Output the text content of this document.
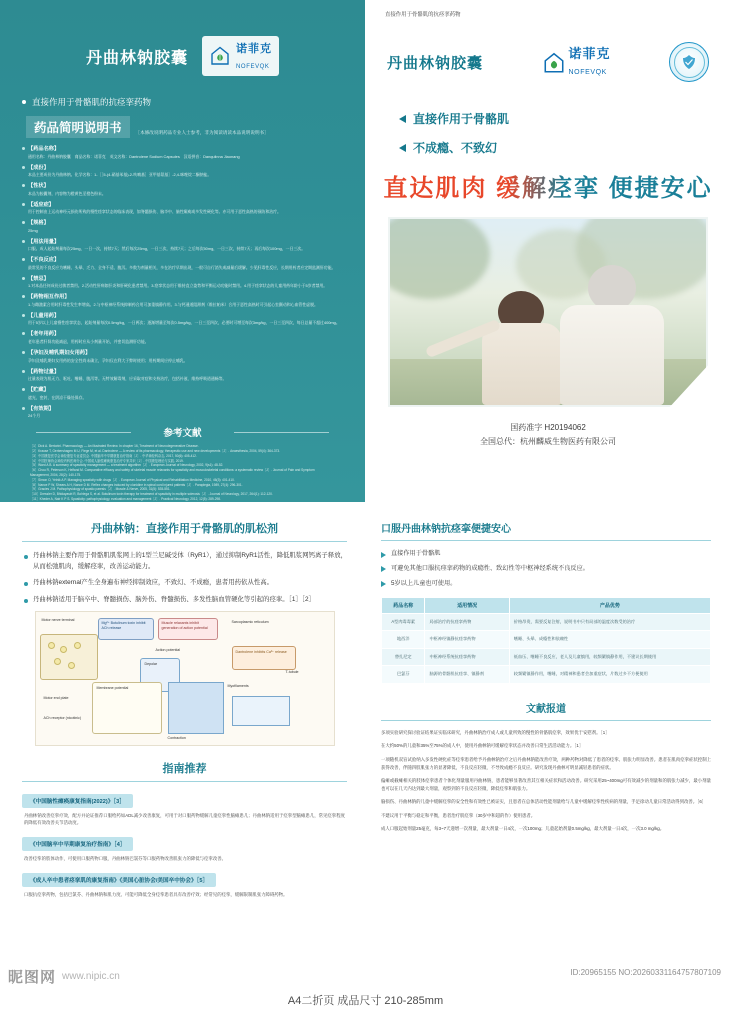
丹曲林钠胶囊
诺菲克
NOFEVQK
直接作用于骨骼肌的抗痉挛药物
药品简明说明书	［本修改说明药品专业人士参考，非为阅读请读本品说明说明书］
【药品名称】
通用名称：丹曲林钠胶囊　商品名称：诺菲克　英文名称：Dantrolene Sodium Capsules　汉语拼音：Danqulinna Jiaonang
【成份】
本品主要成份为丹曲林钠。化学名称：1-［［5-(4-硝基苯基)-2-呋喃基］亚甲基氨基］-2,4-咪唑烷二酮钠盐。
【性状】
本品为胶囊剂，内容物为橙黄色至橙色粉末。
【适应症】
用于控制由上运动神经元损伤所致的慢性痉挛状态的临床表现，如脊髓损伤、脑卒中、脑性瘫痪或多发性硬化等。亦可用于恶性高热的预防和治疗。
【规格】
25mg
【用法用量】
口服。成人起始剂量每次25mg，一日一次，持续7天；然后每次25mg，一日三次，持续7天；之后每次50mg，一日三次，持续7天；再后每次100mg，一日三次。
【不良反应】
最常见的不良反应为嗜睡、头晕、乏力、全身不适、腹泻。多数为剂量相关，多在治疗早期出现，一般可自行消失或减量后缓解。少见肝毒性反应，长期用药者应定期监测肝功能。
【禁忌】
1.对本品任何成份过敏者禁用。2.活动性肝病如肝炎和肝硬化患者禁用。3.痉挛状态用于维持直立姿势和平衡运动功能时禁用。4.用于痉挛状态的儿童用药年龄小于5岁者禁用。
【药物相互作用】
1.与雌激素合用时肝毒性发生率增高。2.与中枢神经系统抑制药合用可加重镇静作用。3.与钙通道阻滞剂（维拉帕米）合用于恶性高热时可引起心室颤动和心血管性虚脱。
【儿童用药】
用于5岁以上儿童慢性痉挛状态，起始剂量每次0.5mg/kg，一日两次；逐渐增量至每次0.5mg/kg，一日三至四次，必要时可增至每次3mg/kg，一日三至四次，每日总量不超过400mg。
【老年用药】
老年患者肝肾功能减退，用药时应从小剂量开始，并密切监测肝功能。
【孕妇及哺乳期妇女用药】
孕妇及哺乳期妇女用药的安全性尚未确立，孕妇仅在利大于弊时使用；用药期间应停止哺乳。
【药物过量】
过量表现为肌无力、呕吐、嗜睡、腹泻等。无特效解毒剂，应采取对症和支持治疗，包括补液、维持呼吸道通畅等。
【贮藏】
遮光，密封，在阴凉干燥处保存。
【有效期】
24个月
参考文献
［1］Dick A. Bertorini. Pharmacology — An illustrated Review. In chapter 16, Treatment of Neurodegenerative Disease.
［2］Krause T, Gerbershagen M U, Fiege M, et al. Dantrolene — A review of its pharmacology, therapeutic use and new developments［J］. Anaesthesia, 2004, 59(4): 364-373.
［3］中国康复医学会神经康复专业委员会. 中国脑卒中早期康复治疗指南［J］. 中华神经科杂志, 2017, 50(6): 405-412.
［4］中国医师协会神经内科医师分会. 中国成人脑性瘫痪康复治疗专家共识［J］. 中国康复理论与实践, 2019.
［5］Ward A B. A summary of spasticity management — a treatment algorithm［J］. European Journal of Neurology, 2002, 9(s1): 48-52.
［6］Chou R, Peterson K, Helfand M. Comparative efficacy and safety of skeletal muscle relaxants for spasticity and musculoskeletal conditions: a systematic review［J］. Journal of Pain and Symptom Management, 2004, 28(2): 140-175.
［7］Simon O, Yelnik A P. Managing spasticity with drugs［J］. European Journal of Physical and Rehabilitation Medicine, 2010, 46(3): 401-410.
［8］Nance P W, Shears A H, Nance D M. Reflex changes induced by clonidine in spinal cord injured patients［J］. Paraplegia, 1989, 27(4): 296-301.
［9］Gracies J M. Pathophysiology of spastic paresis［J］. Muscle & Nerve, 2005, 31(5): 535-551.
［10］Dressler D, Bhidayasiri R, Bohlega S, et al. Botulinum toxin therapy for treatment of spasticity in multiple sclerosis［J］. Journal of Neurology, 2017, 264(1): 112-120.
［11］Kheder A, Nair K P S. Spasticity: pathophysiology, evaluation and management［J］. Practical Neurology, 2012, 12(5): 289-298.
直接作用于骨骼肌的抗痉挛药物
丹曲林钠胶囊
诺菲克
NOFEVQK
直接作用于骨骼肌
不成瘾、不致幻
直达肌肉 缓解痉挛 便捷安心
国药准字 H20194062
全国总代：杭州麟威生物医药有限公司
丹曲林钠：直接作用于骨骼肌的肌松剂
丹曲林钠主要作用于骨骼肌肌浆网上的1型兰尼碱受体（RyR1），通过抑制RyR1活性，降低肌浆网钙离子释放，从而松弛肌肉，缓解痉挛，改善运动能力。
丹曲林钠external产生全身遍布神经抑制效应，不致幻、不成瘾，患者用药依从性高。
丹曲林钠适用于脑卒中、脊髓损伤、脑外伤、脊髓损伤、多发性脑血管硬化等引起的痉挛。［1］［2］
Motor nerve terminal
Mg²⁺ Botulinum toxin inhibit ACh release
Muscle relaxants inhibit generation of action potential
Sarcoplasmic reticulum
Action potential
Depolar
Dantrolene inhibits Ca²⁺ release
Motor end plate
Membrane potential	Myofilaments
ACh receptor (nicotinic)
Contraction
T-tubule
指南推荐
《中国脑性瘫痪康复指南(2022)》［3］
丹曲林钠改善痉挛疗效，配方并论证推荐口服给药如ADL减少改善康复，可用于对口服药物缓解儿童痉挛性脑瘫患儿；丹曲林钠适用于痉挛型脑瘫患儿，常见痉挛程度的降低有效改善关节活动度。
《中国脑卒中早期康复治疗指南》［4］
改善痉挛的肢体动作，可使用口服药物口服，丹曲林钠巴氯芬等口服药物改善肌张力的降低与痉挛改善。
《成人卒中患者痉挛肌的康复指南》《美国心脏协会/美国卒中协会》［5］
口服抗痉挛药物，包括巴氯芬、丹曲林钠和肌力度、可能可降低全身痉挛患者具有改善疗效；经常见的痉挛，缓解限制肌张力障碍药物。
口服丹曲林钠抗痉挛便捷安心
直接作用于骨骼肌
可避免其他口服抗痉挛药物的成瘾性、致幻性等中枢神经系统不良反应。
5岁以上儿童也可使用。
药品名称	适用情况	产品优势
A型肉毒毒素	局部治疗的抗痉挛药物	价格昂贵，需要反复注射，说明书中只有局部的温度次数受的治疗
地西泮	中枢神经镇静抗痉挛药物	嗜睡、头晕、成瘾性和依赖性
替扎尼定	中枢神经系统抗痉挛药物	低血压、嗜睡不良反应，老人及儿童慎用，较频繁镇静作用，不建议长期使用
巴氯芬	脑源的骨骼肌抗痉挛、镇静剂	较频繁镇静作用，嗜睡，对精神和患者会加重症状，片数过多不方便使用
文献报道
多项实验研究探讨验证结果证实临床研究，丹曲林钠治疗成人或儿童所致的慢性的骨骼肌痉挛，效果优于安慰剂。［1］
在大约50%的儿童和35%至75%的成人中，使用丹曲林钠可缓解痉挛状态并改善日常生活活动能力。［1］
一项随机双盲试验纳入多发性硬化症等痉挛患者给予丹曲林钠治疗之后丹曲林钠能改善疗效，两种药物对降低了患者的痉挛、肌张力明显改善。患者在肌肉痉挛症状控制上获得改善，伴随四肢肌张力的显著降低，不良反应轻微，不导致成瘾不良反应。研究发现丹曲林可明显减轻患者的症状。
偏瘫或截瘫相关的肢体痉挛患者个体化剂量服用丹曲林钠，患者能够显著改善其互相关症状和活动改善。研究采用25~400mg可有效减少的剂量和的肌张力减少，最小剂量也可以在几天内达到最大剂量，观察到的不良反应轻微，降低痉挛和肌张力。
脑损伤、丹曲林钠的儿童中缓解痉挛的安全性和有效性已被证实，且患者在总体活动性能剂量给与儿童中缓解痉挛性疾病的剂量，手足徐动儿童日常活动得到改善。［6］
不建议用于平衡与稳定和平衡，患者治疗肌痉挛（30岁中和超的作）使用患者。
成人口服起始剂量25毫克，每3~7天递增一次剂量，最大剂量一日4次，一次100mg；儿童起始剂量0.5mg/kg，最大剂量一日4次，一次3.0 mg/kg。
昵图网 www.nipic.cn	ID:20965155 NO:20260331164757807109
A4二折页 成品尺寸 210-285mm
